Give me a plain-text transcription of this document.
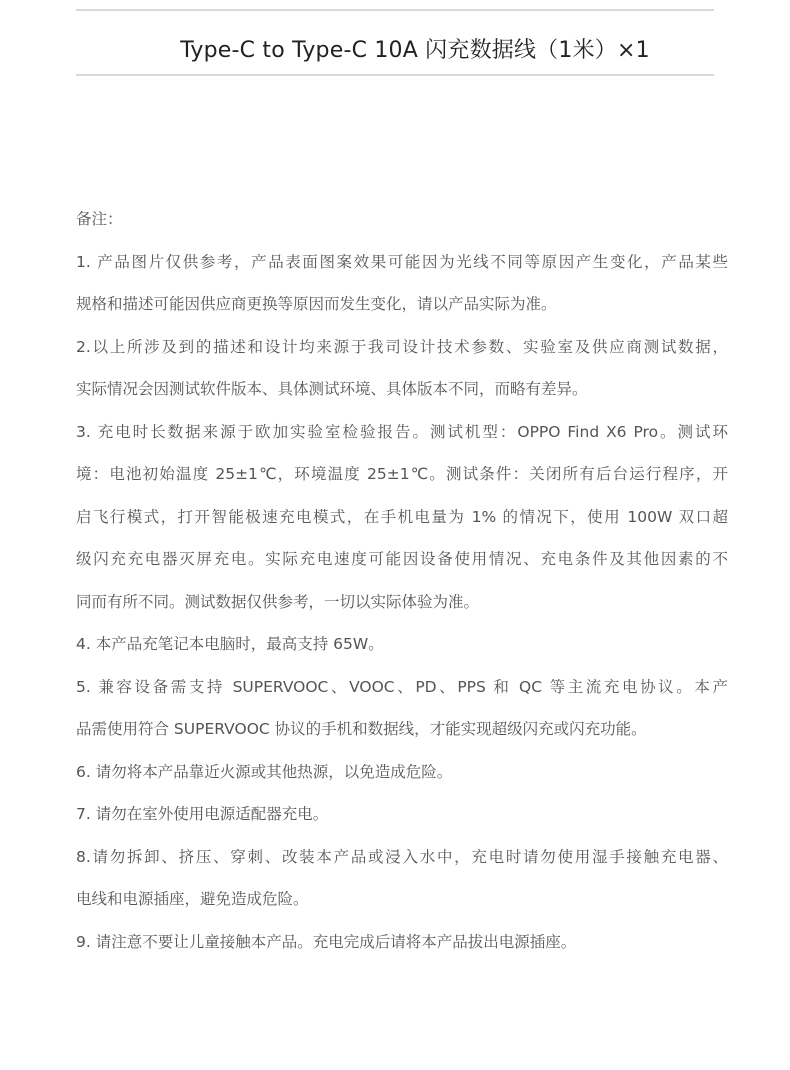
Type-C to Type-C 10A 闪充数据线（1米）×1
备注：
1. 产品图片仅供参考，产品表面图案效果可能因为光线不同等原因产生变化，产品某些
规格和描述可能因供应商更换等原因而发生变化，请以产品实际为准。
2.以上所涉及到的描述和设计均来源于我司设计技术参数、实验室及供应商测试数据，
实际情况会因测试软件版本、具体测试环境、具体版本不同，而略有差异。
3. 充电时长数据来源于欧加实验室检验报告。测试机型：OPPO Find X6 Pro。测试环
境：电池初始温度 25±1℃，环境温度 25±1℃。测试条件：关闭所有后台运行程序，开
启飞行模式，打开智能极速充电模式，在手机电量为 1% 的情况下，使用 100W 双口超
级闪充充电器灭屏充电。实际充电速度可能因设备使用情况、充电条件及其他因素的不
同而有所不同。测试数据仅供参考，一切以实际体验为准。
4. 本产品充笔记本电脑时，最高支持 65W。
5. 兼容设备需支持 SUPERVOOC、VOOC、PD、PPS 和 QC 等主流充电协议。本产
品需使用符合 SUPERVOOC 协议的手机和数据线，才能实现超级闪充或闪充功能。
6. 请勿将本产品靠近火源或其他热源，以免造成危险。
7. 请勿在室外使用电源适配器充电。
8.请勿拆卸、挤压、穿刺、改装本产品或浸入水中，充电时请勿使用湿手接触充电器、
电线和电源插座，避免造成危险。
9. 请注意不要让儿童接触本产品。充电完成后请将本产品拔出电源插座。
